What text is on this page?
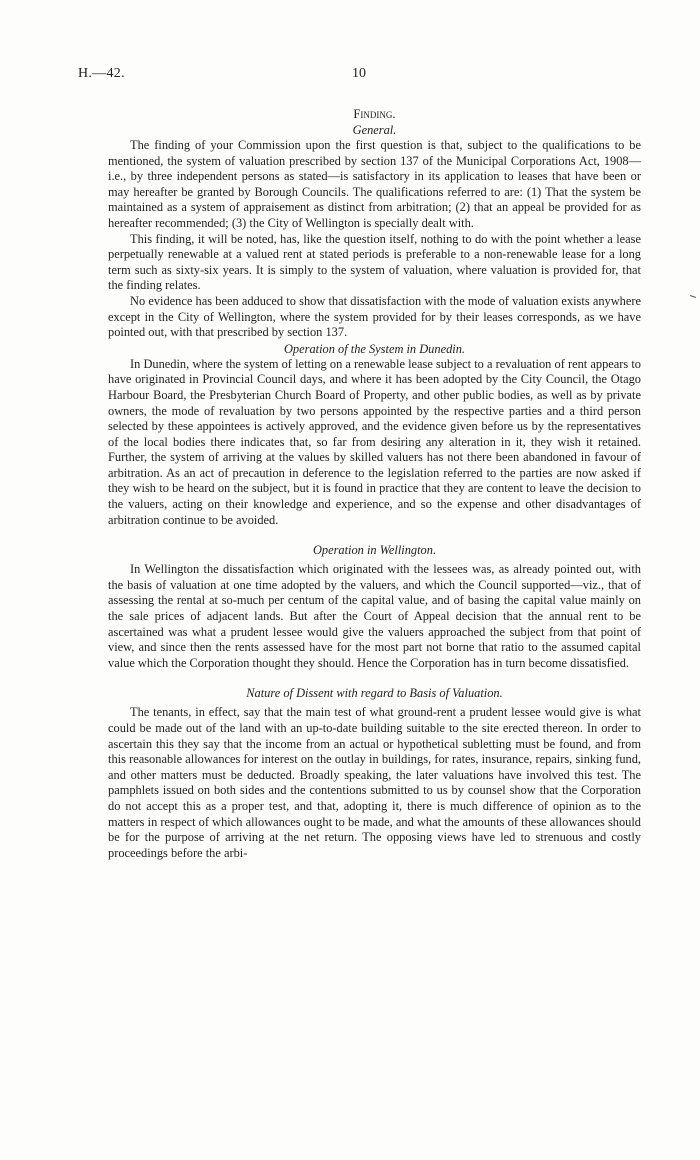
H.—42.	10
Finding.
General.

The finding of your Commission upon the first question is that, subject to the qualifications to be mentioned, the system of valuation prescribed by section 137 of the Municipal Corporations Act, 1908—i.e., by three independent persons as stated—is satisfactory in its application to leases that have been or may hereafter be granted by Borough Councils. The qualifications referred to are: (1) That the system be maintained as a system of appraisement as distinct from arbitration; (2) that an appeal be provided for as hereafter recommended; (3) the City of Wellington is specially dealt with.

This finding, it will be noted, has, like the question itself, nothing to do with the point whether a lease perpetually renewable at a valued rent at stated periods is preferable to a non-renewable lease for a long term such as sixty-six years. It is simply to the system of valuation, where valuation is provided for, that the finding relates.

No evidence has been adduced to show that dissatisfaction with the mode of valuation exists anywhere except in the City of Wellington, where the system provided for by their leases corresponds, as we have pointed out, with that prescribed by section 137.

Operation of the System in Dunedin.

In Dunedin, where the system of letting on a renewable lease subject to a revaluation of rent appears to have originated in Provincial Council days, and where it has been adopted by the City Council, the Otago Harbour Board, the Presbyterian Church Board of Property, and other public bodies, as well as by private owners, the mode of revaluation by two persons appointed by the respective parties and a third person selected by these appointees is actively approved, and the evidence given before us by the representatives of the local bodies there indicates that, so far from desiring any alteration in it, they wish it retained. Further, the system of arriving at the values by skilled valuers has not there been abandoned in favour of arbitration. As an act of precaution in deference to the legislation referred to the parties are now asked if they wish to be heard on the subject, but it is found in practice that they are content to leave the decision to the valuers, acting on their knowledge and experience, and so the expense and other disadvantages of arbitration continue to be avoided.

Operation in Wellington.

In Wellington the dissatisfaction which originated with the lessees was, as already pointed out, with the basis of valuation at one time adopted by the valuers, and which the Council supported—viz., that of assessing the rental at so-much per centum of the capital value, and of basing the capital value mainly on the sale prices of adjacent lands. But after the Court of Appeal decision that the annual rent to be ascertained was what a prudent lessee would give the valuers approached the subject from that point of view, and since then the rents assessed have for the most part not borne that ratio to the assumed capital value which the Corporation thought they should. Hence the Corporation has in turn become dissatisfied.

Nature of Dissent with regard to Basis of Valuation.

The tenants, in effect, say that the main test of what ground-rent a prudent lessee would give is what could be made out of the land with an up-to-date building suitable to the site erected thereon. In order to ascertain this they say that the income from an actual or hypothetical subletting must be found, and from this reasonable allowances for interest on the outlay in buildings, for rates, insurance, repairs, sinking fund, and other matters must be deducted. Broadly speaking, the later valuations have involved this test. The pamphlets issued on both sides and the contentions submitted to us by counsel show that the Corporation do not accept this as a proper test, and that, adopting it, there is much difference of opinion as to the matters in respect of which allowances ought to be made, and what the amounts of these allowances should be for the purpose of arriving at the net return. The opposing views have led to strenuous and costly proceedings before the arbi-
